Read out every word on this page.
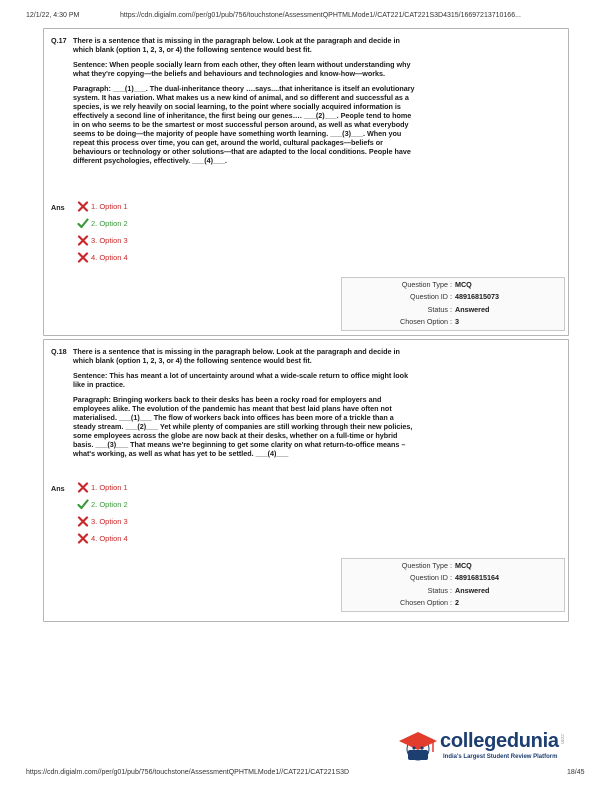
12/1/22, 4:30 PM	https://cdn.digialm.com//per/g01/pub/756/touchstone/AssessmentQPHTMLMode1//CAT221/CAT221S3D4315/16697213710166...
Q.17 There is a sentence that is missing in the paragraph below. Look at the paragraph and decide in which blank (option 1, 2, 3, or 4) the following sentence would best fit.

Sentence: When people socially learn from each other, they often learn without understanding why what they're copying—the beliefs and behaviours and technologies and know-how—works.

Paragraph: ___(1)___. The dual-inheritance theory ….says....that inheritance is itself an evolutionary system. It has variation. What makes us a new kind of animal, and so different and successful as a species, is we rely heavily on social learning, to the point where socially acquired information is effectively a second line of inheritance, the first being our genes…. ___(2)___. People tend to home in on who seems to be the smartest or most successful person around, as well as what everybody seems to be doing—the majority of people have something worth learning. ___(3)___. When you repeat this process over time, you can get, around the world, cultural packages—beliefs or behaviours or technology or other solutions—that are adapted to the local conditions. People have different psychologies, effectively. ___(4)___.

Ans	1. Option 1
2. Option 2
3. Option 3
4. Option 4
Question Type : MCQ
Question ID : 48916815073
Status : Answered
Chosen Option : 3
Q.18 There is a sentence that is missing in the paragraph below. Look at the paragraph and decide in which blank (option 1, 2, 3, or 4) the following sentence would best fit.

Sentence: This has meant a lot of uncertainty around what a wide-scale return to office might look like in practice.

Paragraph: Bringing workers back to their desks has been a rocky road for employers and employees alike. The evolution of the pandemic has meant that best laid plans have often not materialised. ___(1)___ The flow of workers back into offices has been more of a trickle than a steady stream. ___(2)___ Yet while plenty of companies are still working through their new policies, some employees across the globe are now back at their desks, whether on a full-time or hybrid basis. ___(3)___ That means we're beginning to get some clarity on what return-to-office means – what's working, as well as what has yet to be settled. ___(4)___

Ans	1. Option 1
2. Option 2
3. Option 3
4. Option 4
Question Type : MCQ
Question ID : 48916815164
Status : Answered
Chosen Option : 2
collegedunia .com
India's Largest Student Review Platform
https://cdn.digialm.com//per/g01/pub/756/touchstone/AssessmentQPHTMLMode1//CAT221/CAT221S3D	18/45
